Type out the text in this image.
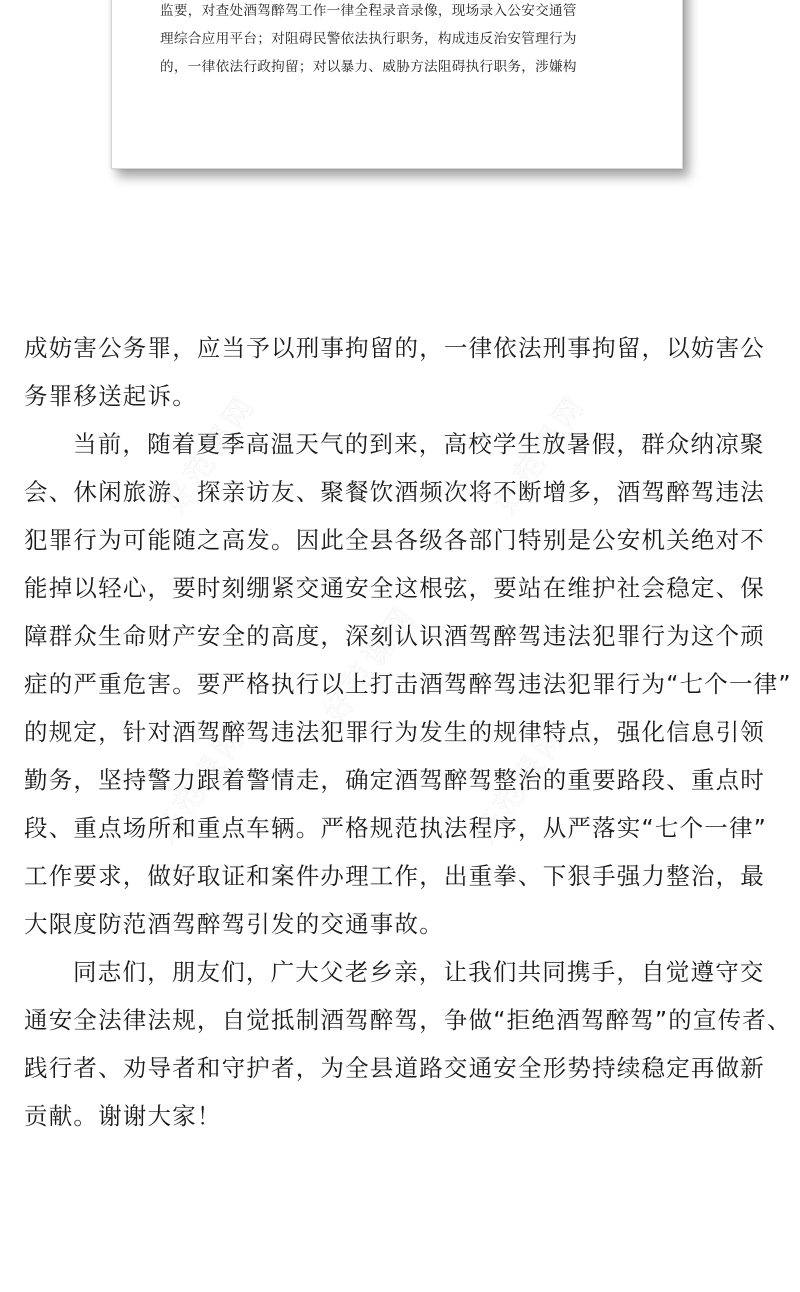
监要，对查处酒驾醉驾工作一律全程录音录像，现场录入公安交通管
理综合应用平台；对阻碍民警依法执行职务，构成违反治安管理行为
的，一律依法行政拘留；对以暴力、威胁方法阻碍执行职务，涉嫌构
好范课网	好范课网
好范课网
好范课网	好范课网
成妨害公务罪，应当予以刑事拘留的，一律依法刑事拘留，以妨害公
务罪移送起诉。
当前，随着夏季高温天气的到来，高校学生放暑假，群众纳凉聚
会、休闲旅游、探亲访友、聚餐饮酒频次将不断增多，酒驾醉驾违法
犯罪行为可能随之高发。因此全县各级各部门特别是公安机关绝对不
能掉以轻心，要时刻绷紧交通安全这根弦，要站在维护社会稳定、保
障群众生命财产安全的高度，深刻认识酒驾醉驾违法犯罪行为这个顽
症的严重危害。要严格执行以上打击酒驾醉驾违法犯罪行为“七个一律”
的规定，针对酒驾醉驾违法犯罪行为发生的规律特点，强化信息引领
勤务，坚持警力跟着警情走，确定酒驾醉驾整治的重要路段、重点时
段、重点场所和重点车辆。严格规范执法程序，从严落实“七个一律”
工作要求，做好取证和案件办理工作，出重拳、下狠手强力整治，最
大限度防范酒驾醉驾引发的交通事故。
同志们，朋友们，广大父老乡亲，让我们共同携手，自觉遵守交
通安全法律法规，自觉抵制酒驾醉驾，争做“拒绝酒驾醉驾”的宣传者、
践行者、劝导者和守护者，为全县道路交通安全形势持续稳定再做新
贡献。谢谢大家！
